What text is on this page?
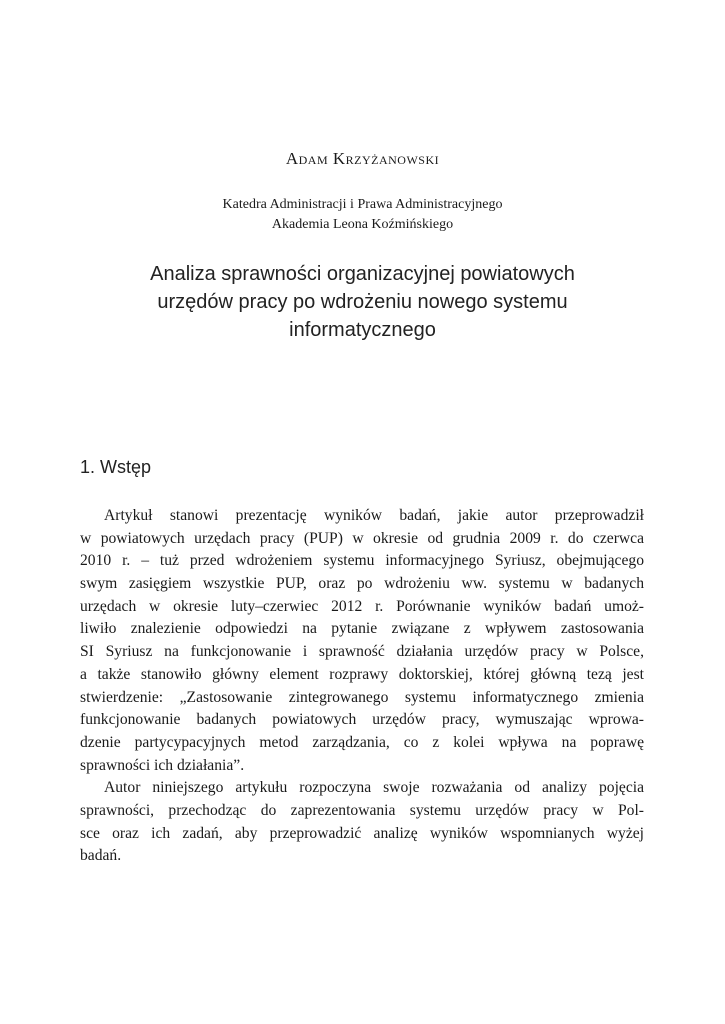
Adam Krzyżanowski
Katedra Administracji i Prawa Administracyjnego
Akademia Leona Koźmińskiego
Analiza sprawności organizacyjnej powiatowych
urzędów pracy po wdrożeniu nowego systemu
informatycznego
1. Wstęp
Artykuł stanowi prezentację wyników badań, jakie autor przeprowadził
w powiatowych urzędach pracy (PUP) w okresie od grudnia 2009 r. do czerwca
2010 r. – tuż przed wdrożeniem systemu informacyjnego Syriusz, obejmującego
swym zasięgiem wszystkie PUP, oraz po wdrożeniu ww. systemu w badanych
urzędach w okresie luty–czerwiec 2012 r. Porównanie wyników badań umoż-
liwiło znalezienie odpowiedzi na pytanie związane z wpływem zastosowania
SI Syriusz na funkcjonowanie i sprawność działania urzędów pracy w Polsce,
a także stanowiło główny element rozprawy doktorskiej, której główną tezą jest
stwierdzenie: „Zastosowanie zintegrowanego systemu informatycznego zmienia
funkcjonowanie badanych powiatowych urzędów pracy, wymuszając wprowa-
dzenie partycypacyjnych metod zarządzania, co z kolei wpływa na poprawę
sprawności ich działania”.
Autor niniejszego artykułu rozpoczyna swoje rozważania od analizy pojęcia
sprawności, przechodząc do zaprezentowania systemu urzędów pracy w Pol-
sce oraz ich zadań, aby przeprowadzić analizę wyników wspomnianych wyżej
badań.
